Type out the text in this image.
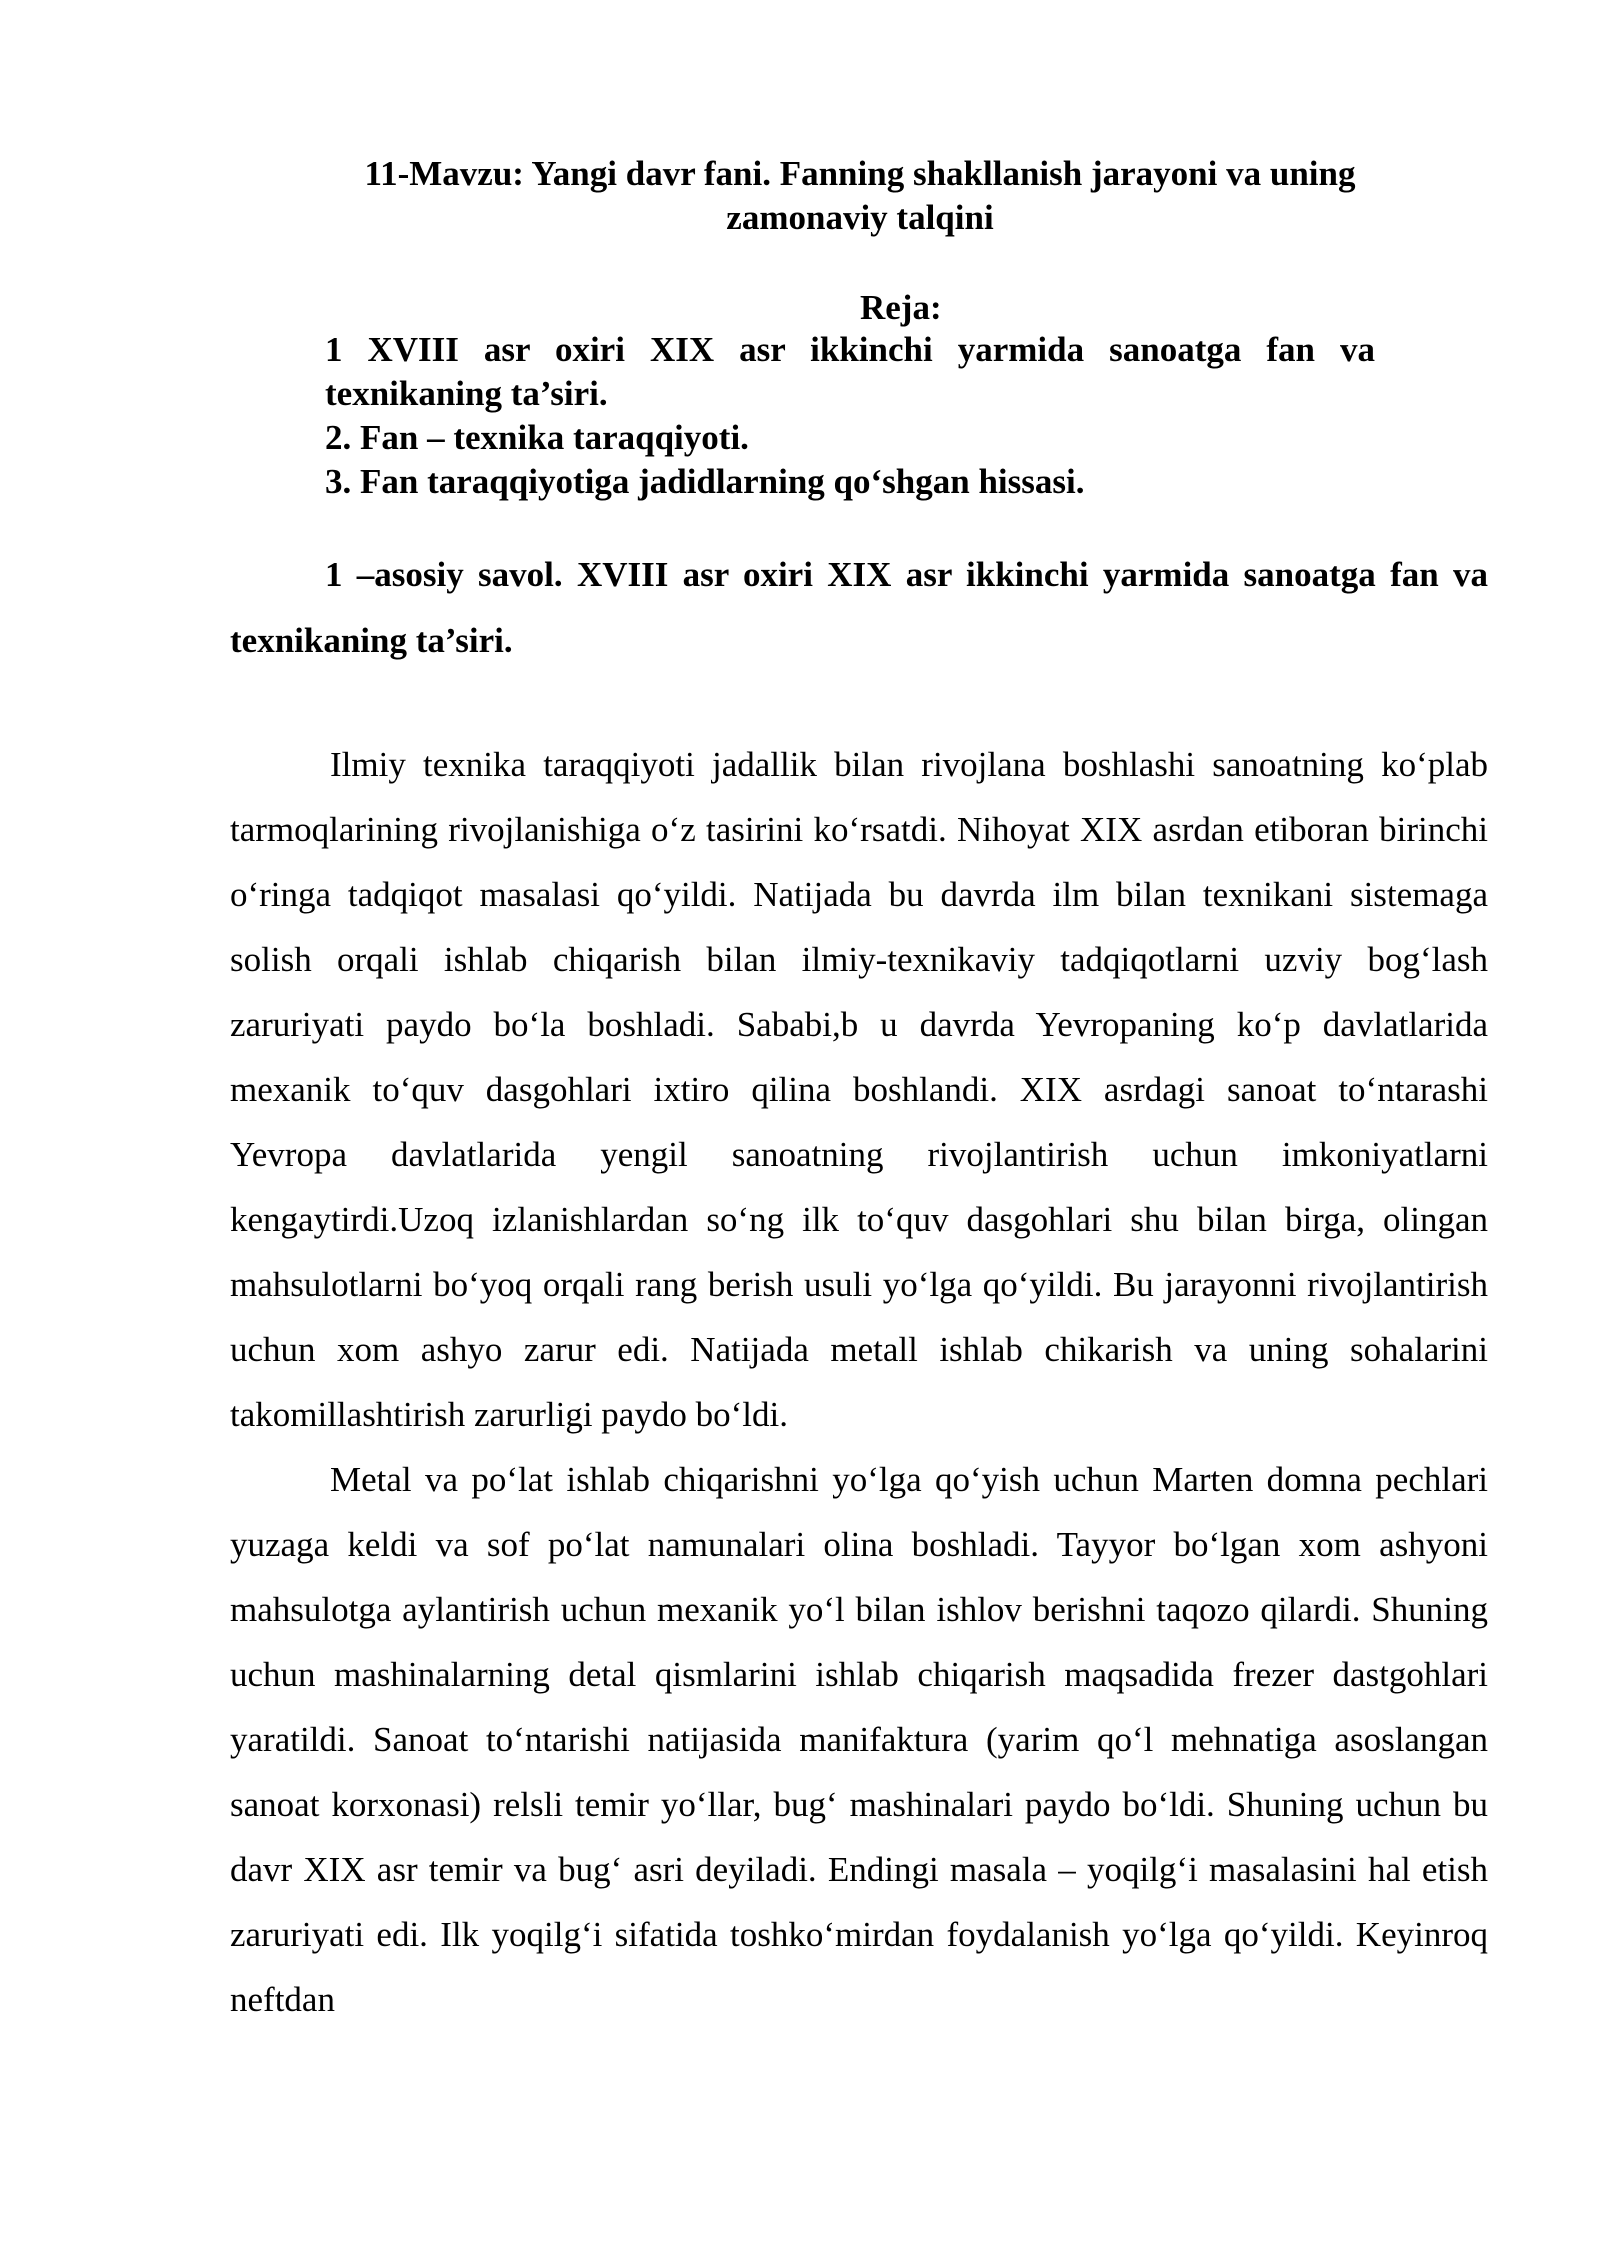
11-Mavzu: Yangi davr fani. Fanning shakllanish jarayoni va uning
zamonaviy talqini
Reja:
1 XVIII asr oxiri XIX asr ikkinchi yarmida sanoatga fan va texnikaning ta’siri.
2. Fan – texnika taraqqiyoti.
3. Fan taraqqiyotiga jadidlarning qo‘shgan hissasi.

1 –asosiy savol. XVIII asr oxiri XIX asr ikkinchi yarmida sanoatga fan va texnikaning ta’siri.

Ilmiy texnika taraqqiyoti jadallik bilan rivojlana boshlashi sanoatning ko‘plab tarmoqlarining rivojlanishiga o‘z tasirini ko‘rsatdi. Nihoyat XIX asrdan etiboran birinchi o‘ringa tadqiqot masalasi qo‘yildi. Natijada bu davrda ilm bilan texnikani sistemaga solish orqali ishlab chiqarish bilan ilmiy-texnikaviy tadqiqotlarni uzviy bog‘lash zaruriyati paydo bo‘la boshladi. Sababi,b u davrda Yevropaning ko‘p davlatlarida mexanik to‘quv dasgohlari ixtiro qilina boshlandi. XIX asrdagi sanoat to‘ntarashi Yevropa davlatlarida yengil sanoatning rivojlantirish uchun imkoniyatlarni kengaytirdi.Uzoq izlanishlardan so‘ng ilk to‘quv dasgohlari shu bilan birga, olingan mahsulotlarni bo‘yoq orqali rang berish usuli yo‘lga qo‘yildi. Bu jarayonni rivojlantirish uchun xom ashyo zarur edi. Natijada metall ishlab chikarish va uning sohalarini takomillashtirish zarurligi paydo bo‘ldi.

Metal va po‘lat ishlab chiqarishni yo‘lga qo‘yish uchun Marten domna pechlari yuzaga keldi va sof po‘lat namunalari olina boshladi. Tayyor bo‘lgan xom ashyoni mahsulotga aylantirish uchun mexanik yo‘l bilan ishlov berishni taqozo qilardi. Shuning uchun mashinalarning detal qismlarini ishlab chiqarish maqsadida frezer dastgohlari yaratildi. Sanoat to‘ntarishi natijasida manifaktura (yarim qo‘l mehnatiga asoslangan sanoat korxonasi) relsli temir yo‘llar, bug‘ mashinalari paydo bo‘ldi. Shuning uchun bu davr XIX asr temir va bug‘ asri deyiladi. Endingi masala – yoqilg‘i masalasini hal etish zaruriyati edi. Ilk yoqilg‘i sifatida toshko‘mirdan foydalanish yo‘lga qo‘yildi. Keyinroq neftdan
